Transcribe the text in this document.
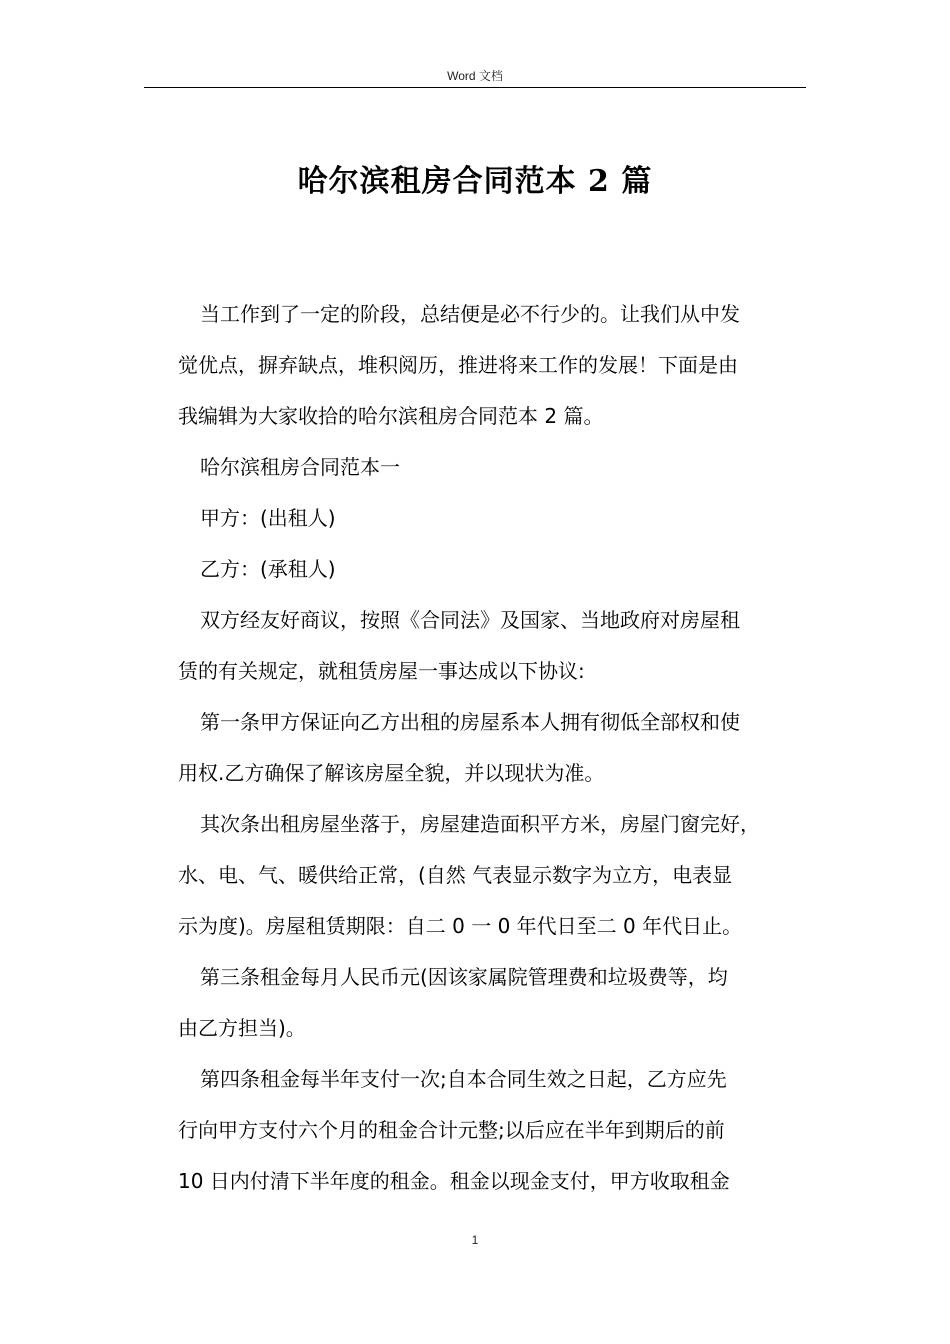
Word 文档
哈尔滨租房合同范本 2 篇
当工作到了一定的阶段，总结便是必不行少的。让我们从中发
觉优点，摒弃缺点，堆积阅历，推进将来工作的发展！下面是由
我编辑为大家收拾的哈尔滨租房合同范本 2 篇。
哈尔滨租房合同范本一
甲方：(出租人)
乙方：(承租人)
双方经友好商议，按照《合同法》及国家、当地政府对房屋租
赁的有关规定，就租赁房屋一事达成以下协议:
第一条甲方保证向乙方出租的房屋系本人拥有彻低全部权和使
用权.乙方确保了解该房屋全貌，并以现状为准。
其次条出租房屋坐落于，房屋建造面积平方米，房屋门窗完好，
水、电、气、暖供给正常，(自然 气表显示数字为立方，电表显
示为度)。房屋租赁期限：自二 0 一 0 年代日至二 0 年代日止。
第三条租金每月人民币元(因该家属院管理费和垃圾费等，均
由乙方担当)。
第四条租金每半年支付一次;自本合同生效之日起，乙方应先
行向甲方支付六个月的租金合计元整;以后应在半年到期后的前
10 日内付清下半年度的租金。租金以现金支付，甲方收取租金
1
